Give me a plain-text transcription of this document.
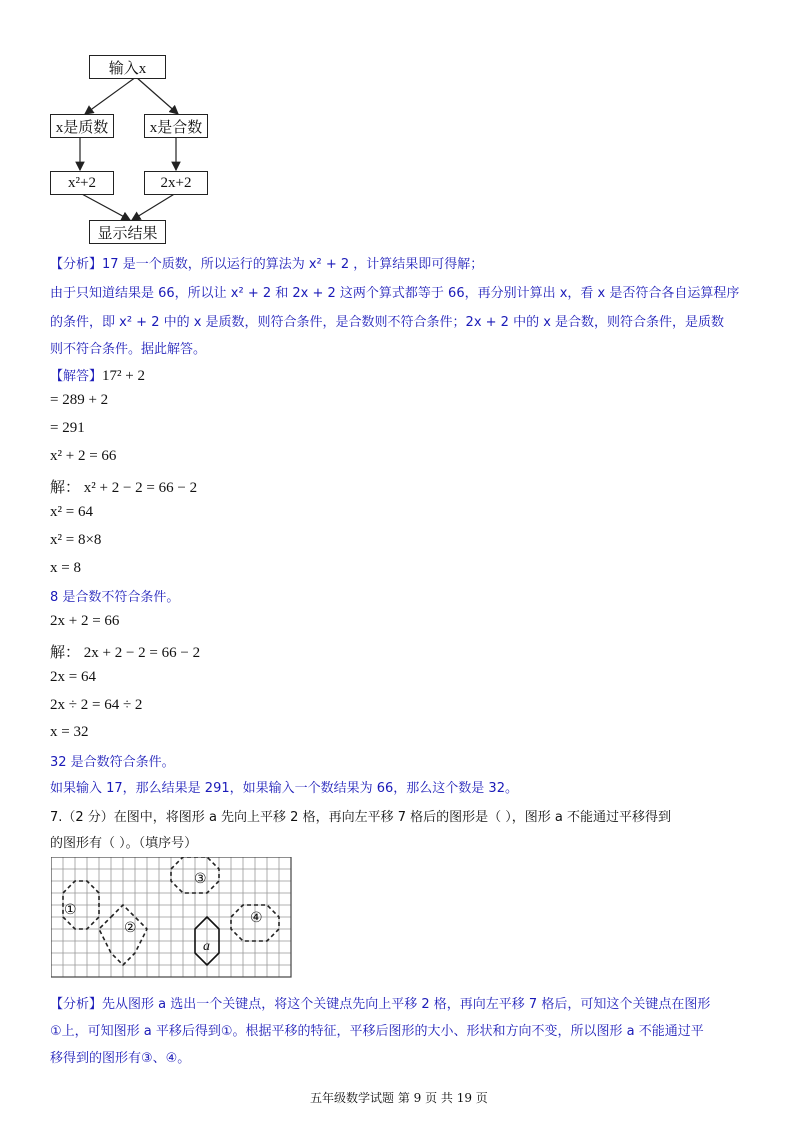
输入x
x是质数	x是合数
x²+2	2x+2
显示结果
【分析】17 是一个质数，所以运行的算法为 x² + 2 ，计算结果即可得解；
由于只知道结果是 66，所以让 x² + 2 和 2x + 2 这两个算式都等于 66，再分别计算出 x，看 x 是否符合各自运算程序
的条件，即 x² + 2 中的 x 是质数，则符合条件，是合数则不符合条件；2x + 2 中的 x 是合数，则符合条件，是质数
则不符合条件。据此解答。
【解答】17² + 2
= 289 + 2
= 291
x² + 2 = 66
解： x² + 2 − 2 = 66 − 2
x² = 64
x² = 8×8
x = 8
8 是合数不符合条件。
2x + 2 = 66
解： 2x + 2 − 2 = 66 − 2
2x = 64
2x ÷ 2 = 64 ÷ 2
x = 32
32 是合数符合条件。
如果输入 17，那么结果是 291，如果输入一个数结果为 66，那么这个数是 32。
7.（2 分）在图中，将图形 a 先向上平移 2 格，再向左平移 7 格后的图形是（ ），图形 a 不能通过平移得到
的图形有（ ）。（填序号）
①
②
③
④
a
【分析】先从图形 a 选出一个关键点，将这个关键点先向上平移 2 格，再向左平移 7 格后，可知这个关键点在图形
①上，可知图形 a 平移后得到①。根据平移的特征，平移后图形的大小、形状和方向不变，所以图形 a 不能通过平
移得到的图形有③、④。
五年级数学试题 第 9 页 共 19 页
